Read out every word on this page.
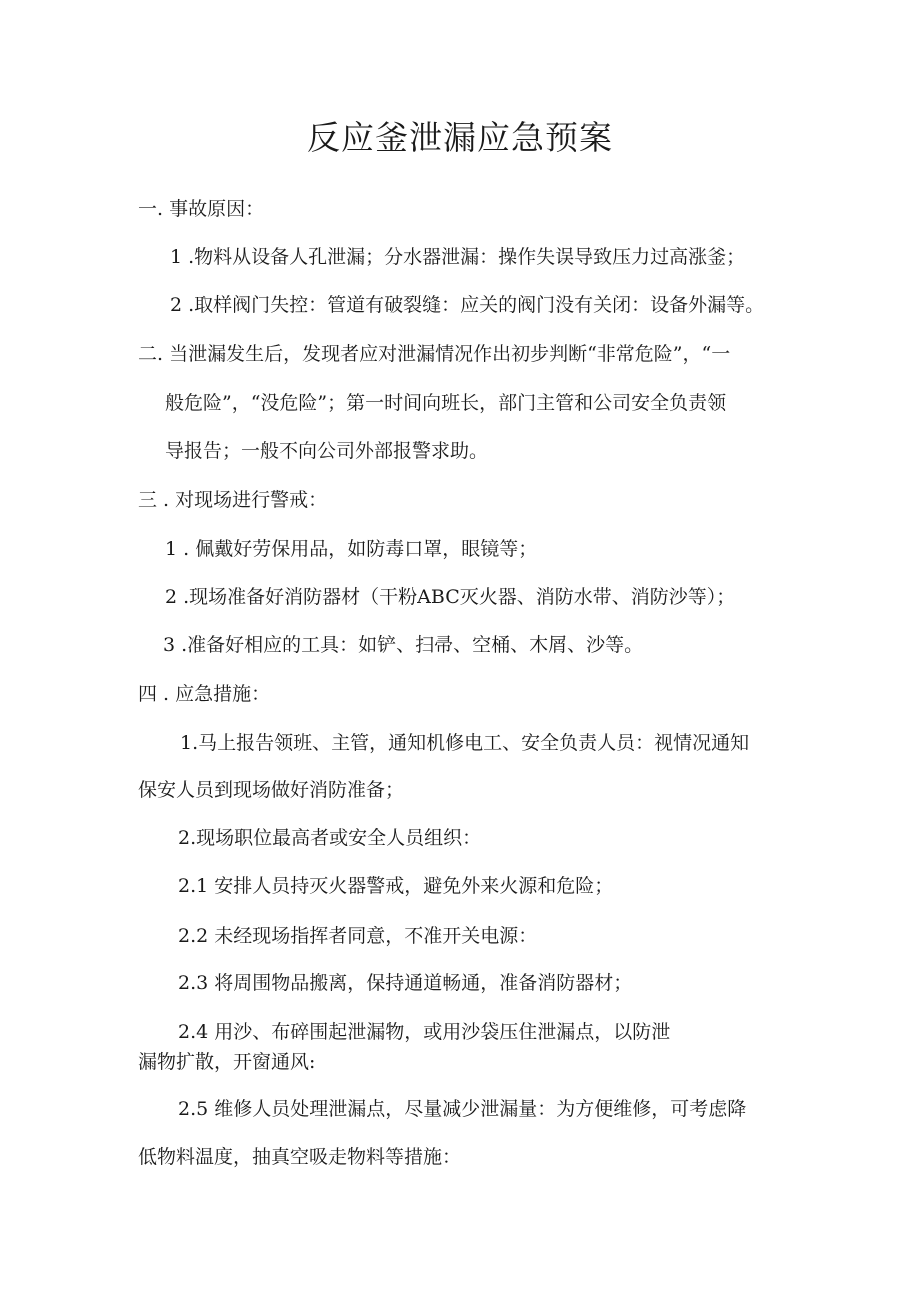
反应釜泄漏应急预案
一. 事故原因：
1 .物料从设备人孔泄漏；分水器泄漏：操作失误导致压力过高涨釜；
2 .取样阀门失控：管道有破裂缝：应关的阀门没有关闭：设备外漏等。
二. 当泄漏发生后，发现者应对泄漏情况作出初步判断“非常危险”，“一
般危险”，“没危险”；第一时间向班长，部门主管和公司安全负责领
导报告；一般不向公司外部报警求助。
三 . 对现场进行警戒：
1 . 佩戴好劳保用品，如防毒口罩，眼镜等；
2 .现场准备好消防器材（干粉ABC灭火器、消防水带、消防沙等）；
3 .准备好相应的工具：如铲、扫帚、空桶、木屑、沙等。
四 . 应急措施：
1.马上报告领班、主管，通知机修电工、安全负责人员：视情况通知
保安人员到现场做好消防准备；
2.现场职位最高者或安全人员组织：
2.1 安排人员持灭火器警戒，避免外来火源和危险；
2.2 未经现场指挥者同意，不准开关电源：
2.3 将周围物品搬离，保持通道畅通，准备消防器材；
2.4 用沙、布碎围起泄漏物，或用沙袋压住泄漏点，以防泄
漏物扩散，开窗通风:
2.5 维修人员处理泄漏点，尽量减少泄漏量：为方便维修，可考虑降
低物料温度，抽真空吸走物料等措施：
